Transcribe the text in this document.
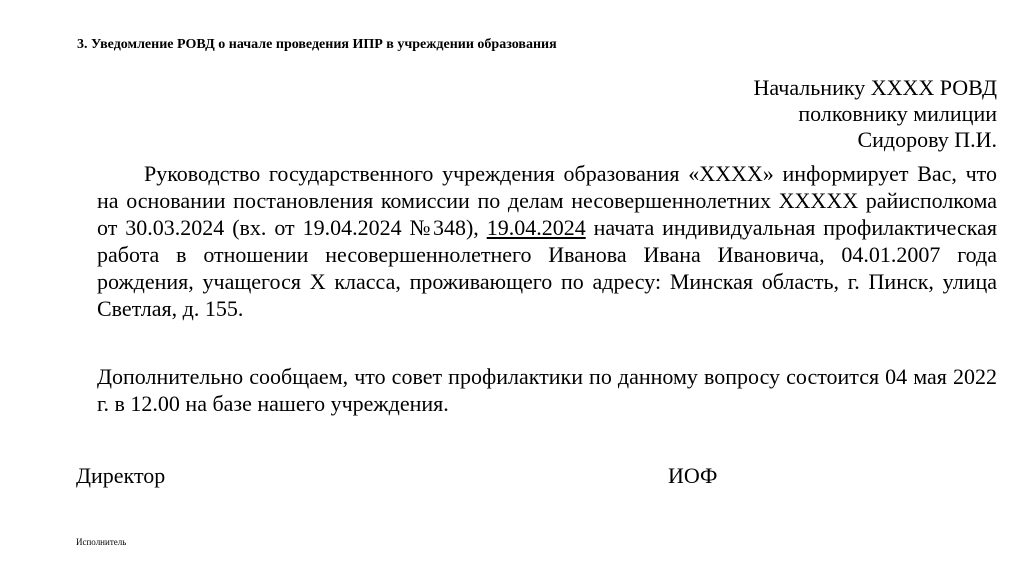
3. Уведомление РОВД о начале проведения ИПР в учреждении образования
Начальнику XXXX РОВД
полковнику милиции
Сидорову П.И.
Руководство государственного учреждения образования «XXXX» информирует Вас, что на основании постановления комиссии по делам несовершеннолетних XXXXX райисполкома от 30.03.2024 (вх. от 19.04.2024 №348), 19.04.2024 начата индивидуальная профилактическая работа в отношении несовершеннолетнего Иванова Ивана Ивановича, 04.01.2007 года рождения, учащегося Х класса, проживающего по адресу: Минская область, г. Пинск, улица Светлая, д. 155.
Дополнительно сообщаем, что совет профилактики по данному вопросу состоится 04 мая 2022 г. в 12.00 на базе нашего учреждения.
Директор	ИОФ
Исполнитель
